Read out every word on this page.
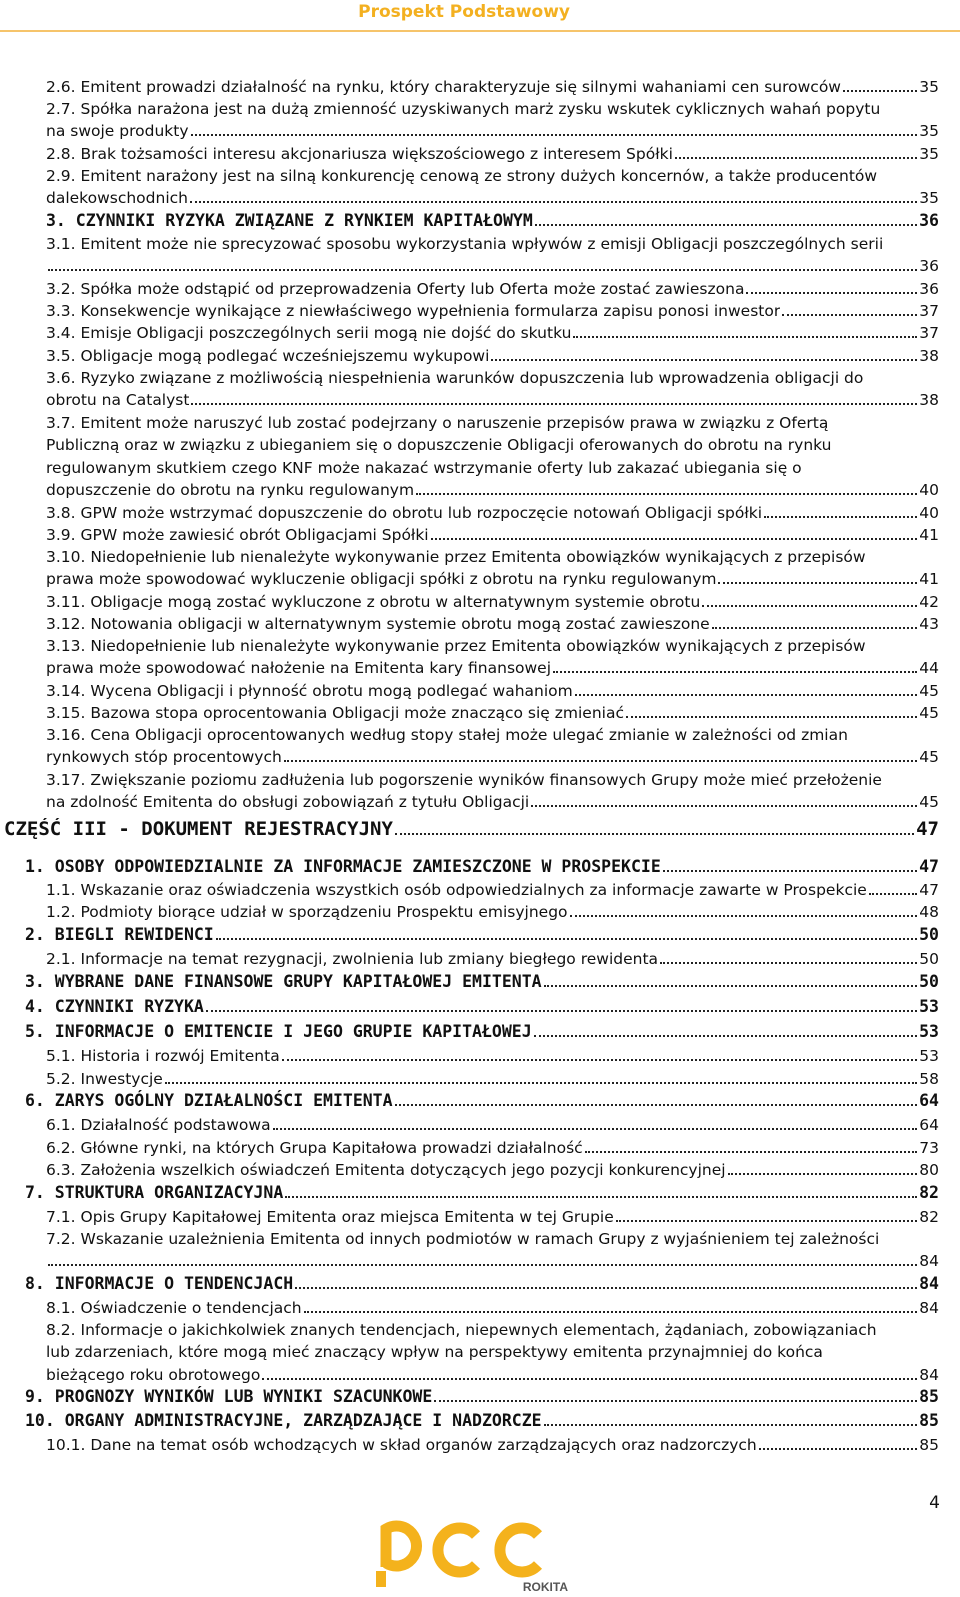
Prospekt Podstawowy
2.6. Emitent prowadzi działalność na rynku, który charakteryzuje się silnymi wahaniami cen surowców	35
2.7. Spółka narażona jest na dużą zmienność uzyskiwanych marż zysku wskutek cyklicznych wahań popytu
na swoje produkty	35
2.8. Brak tożsamości interesu akcjonariusza większościowego z interesem Spółki	35
2.9. Emitent narażony jest na silną konkurencję cenową ze strony dużych koncernów, a także producentów
dalekowschodnich	35
3. CZYNNIKI RYZYKA ZWIĄZANE Z RYNKIEM KAPITAŁOWYM	36
3.1. Emitent może nie sprecyzować sposobu wykorzystania wpływów z emisji Obligacji poszczególnych serii
36
3.2. Spółka może odstąpić od przeprowadzenia Oferty lub Oferta może zostać zawieszona	36
3.3. Konsekwencje wynikające z niewłaściwego wypełnienia formularza zapisu ponosi inwestor	37
3.4. Emisje Obligacji poszczególnych serii mogą nie dojść do skutku	37
3.5. Obligacje mogą podlegać wcześniejszemu wykupowi	38
3.6. Ryzyko związane z możliwością niespełnienia warunków dopuszczenia lub wprowadzenia obligacji do
obrotu na Catalyst	38
3.7. Emitent może naruszyć lub zostać podejrzany o naruszenie przepisów prawa w związku z Ofertą
Publiczną oraz w związku z ubieganiem się o dopuszczenie Obligacji oferowanych do obrotu na rynku
regulowanym skutkiem czego KNF może nakazać wstrzymanie oferty lub zakazać ubiegania się o
dopuszczenie do obrotu na rynku regulowanym	40
3.8. GPW może wstrzymać dopuszczenie do obrotu lub rozpoczęcie notowań Obligacji spółki	40
3.9. GPW może zawiesić obrót Obligacjami Spółki	41
3.10. Niedopełnienie lub nienależyte wykonywanie przez Emitenta obowiązków wynikających z przepisów
prawa może spowodować wykluczenie obligacji spółki z obrotu na rynku regulowanym	41
3.11. Obligacje mogą zostać wykluczone z obrotu w alternatywnym systemie obrotu	42
3.12. Notowania obligacji w alternatywnym systemie obrotu mogą zostać zawieszone	43
3.13. Niedopełnienie lub nienależyte wykonywanie przez Emitenta obowiązków wynikających z przepisów
prawa może spowodować nałożenie na Emitenta kary finansowej	44
3.14. Wycena Obligacji i płynność obrotu mogą podlegać wahaniom	45
3.15. Bazowa stopa oprocentowania Obligacji może znacząco się zmieniać	45
3.16. Cena Obligacji oprocentowanych według stopy stałej może ulegać zmianie w zależności od zmian
rynkowych stóp procentowych	45
3.17. Zwiększanie poziomu zadłużenia lub pogorszenie wyników finansowych Grupy może mieć przełożenie
na zdolność Emitenta do obsługi zobowiązań z tytułu Obligacji	45
CZĘŚĆ III - DOKUMENT REJESTRACYJNY	47
1. OSOBY ODPOWIEDZIALNIE ZA INFORMACJE ZAMIESZCZONE W PROSPEKCIE	47
1.1. Wskazanie oraz oświadczenia wszystkich osób odpowiedzialnych za informacje zawarte w Prospekcie	47
1.2. Podmioty biorące udział w sporządzeniu Prospektu emisyjnego	48
2. BIEGLI REWIDENCI	50
2.1. Informacje na temat rezygnacji, zwolnienia lub zmiany biegłego rewidenta	50
3. WYBRANE DANE FINANSOWE GRUPY KAPITAŁOWEJ EMITENTA	50
4. CZYNNIKI RYZYKA	53
5. INFORMACJE O EMITENCIE I JEGO GRUPIE KAPITAŁOWEJ	53
5.1. Historia i rozwój Emitenta	53
5.2. Inwestycje	58
6. ZARYS OGÓLNY DZIAŁALNOŚCI EMITENTA	64
6.1. Działalność podstawowa	64
6.2. Główne rynki, na których Grupa Kapitałowa prowadzi działalność	73
6.3. Założenia wszelkich oświadczeń Emitenta dotyczących jego pozycji konkurencyjnej	80
7. STRUKTURA ORGANIZACYJNA	82
7.1. Opis Grupy Kapitałowej Emitenta oraz miejsca Emitenta w tej Grupie	82
7.2. Wskazanie uzależnienia Emitenta od innych podmiotów w ramach Grupy z wyjaśnieniem tej zależności
84
8. INFORMACJE O TENDENCJACH	84
8.1. Oświadczenie o tendencjach	84
8.2. Informacje o jakichkolwiek znanych tendencjach, niepewnych elementach, żądaniach, zobowiązaniach
lub zdarzeniach, które mogą mieć znaczący wpływ na perspektywy emitenta przynajmniej do końca
bieżącego roku obrotowego	84
9. PROGNOZY WYNIKÓW LUB WYNIKI SZACUNKOWE	85
10. ORGANY ADMINISTRACYJNE, ZARZĄDZAJĄCE I NADZORCZE	85
10.1. Dane na temat osób wchodzących w skład organów zarządzających oraz nadzorczych	85
4
ROKITA
